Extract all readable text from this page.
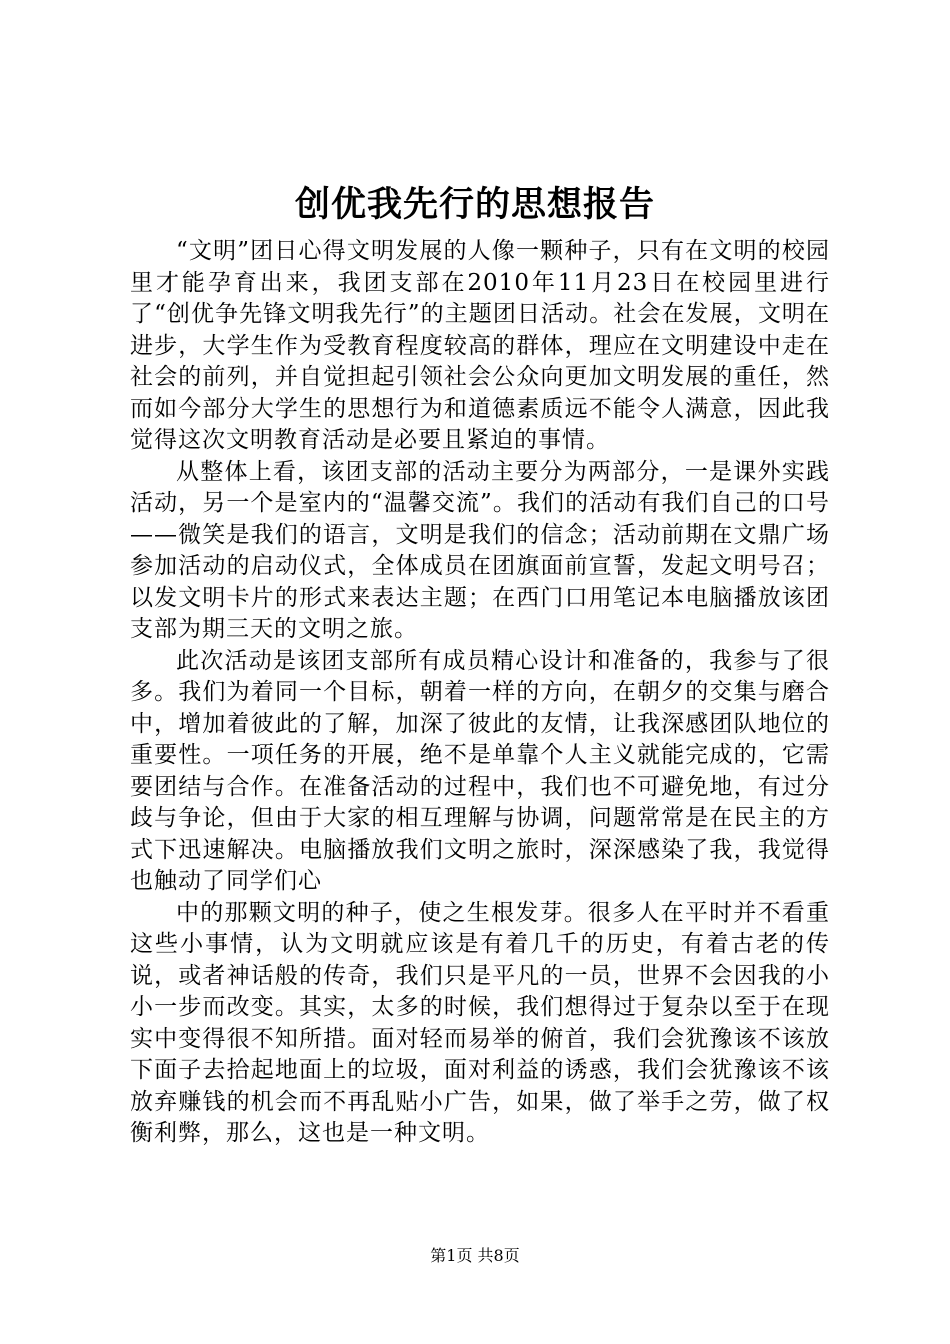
创优我先行的思想报告

“文明”团日心得文明发展的人像一颗种子，只有在文明的校园里才能孕育出来，我团支部在2010年11月23日在校园里进行了“创优争先锋文明我先行”的主题团日活动。社会在发展，文明在进步，大学生作为受教育程度较高的群体，理应在文明建设中走在社会的前列，并自觉担起引领社会公众向更加文明发展的重任，然而如今部分大学生的思想行为和道德素质远不能令人满意，因此我觉得这次文明教育活动是必要且紧迫的事情。

从整体上看，该团支部的活动主要分为两部分，一是课外实践活动，另一个是室内的“温馨交流”。我们的活动有我们自己的口号——微笑是我们的语言，文明是我们的信念；活动前期在文鼎广场参加活动的启动仪式，全体成员在团旗面前宣誓，发起文明号召；以发文明卡片的形式来表达主题；在西门口用笔记本电脑播放该团支部为期三天的文明之旅。

此次活动是该团支部所有成员精心设计和准备的，我参与了很多。我们为着同一个目标，朝着一样的方向，在朝夕的交集与磨合中，增加着彼此的了解，加深了彼此的友情，让我深感团队地位的重要性。一项任务的开展，绝不是单靠个人主义就能完成的，它需要团结与合作。在准备活动的过程中，我们也不可避免地，有过分歧与争论，但由于大家的相互理解与协调，问题常常是在民主的方式下迅速解决。电脑播放我们文明之旅时，深深感染了我，我觉得也触动了同学们心

中的那颗文明的种子，使之生根发芽。很多人在平时并不看重这些小事情，认为文明就应该是有着几千的历史，有着古老的传说，或者神话般的传奇，我们只是平凡的一员，世界不会因我的小小一步而改变。其实，太多的时候，我们想得过于复杂以至于在现实中变得很不知所措。面对轻而易举的俯首，我们会犹豫该不该放下面子去拾起地面上的垃圾，面对利益的诱惑，我们会犹豫该不该放弃赚钱的机会而不再乱贴小广告，如果，做了举手之劳，做了权衡利弊，那么，这也是一种文明。

第1页 共8页
